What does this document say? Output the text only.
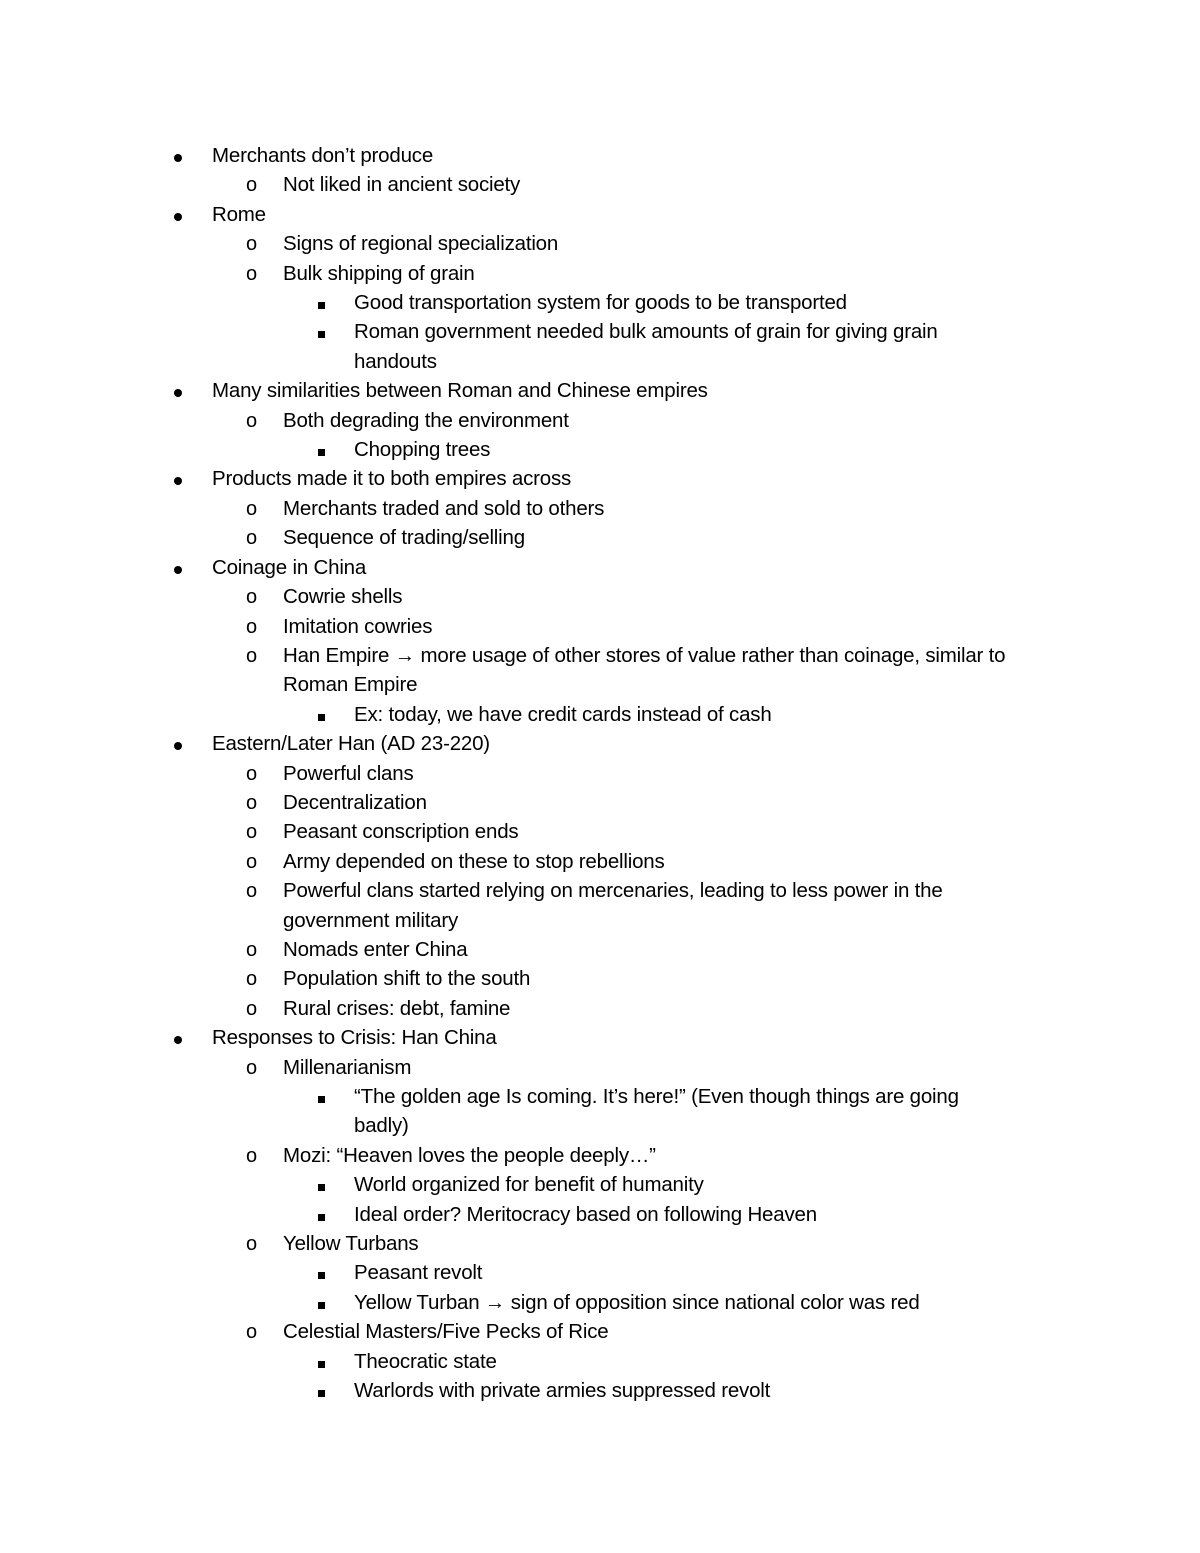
Merchants don’t produce
o Not liked in ancient society
Rome
o Signs of regional specialization
o Bulk shipping of grain
Good transportation system for goods to be transported
Roman government needed bulk amounts of grain for giving grain handouts
Many similarities between Roman and Chinese empires
o Both degrading the environment
Chopping trees
Products made it to both empires across
o Merchants traded and sold to others
o Sequence of trading/selling
Coinage in China
o Cowrie shells
o Imitation cowries
o Han Empire → more usage of other stores of value rather than coinage, similar to Roman Empire
Ex: today, we have credit cards instead of cash
Eastern/Later Han (AD 23-220)
o Powerful clans
o Decentralization
o Peasant conscription ends
o Army depended on these to stop rebellions
o Powerful clans started relying on mercenaries, leading to less power in the government military
o Nomads enter China
o Population shift to the south
o Rural crises: debt, famine
Responses to Crisis: Han China
o Millenarianism
“The golden age Is coming. It’s here!” (Even though things are going badly)
o Mozi: “Heaven loves the people deeply…”
World organized for benefit of humanity
Ideal order? Meritocracy based on following Heaven
o Yellow Turbans
Peasant revolt
Yellow Turban → sign of opposition since national color was red
o Celestial Masters/Five Pecks of Rice
Theocratic state
Warlords with private armies suppressed revolt
